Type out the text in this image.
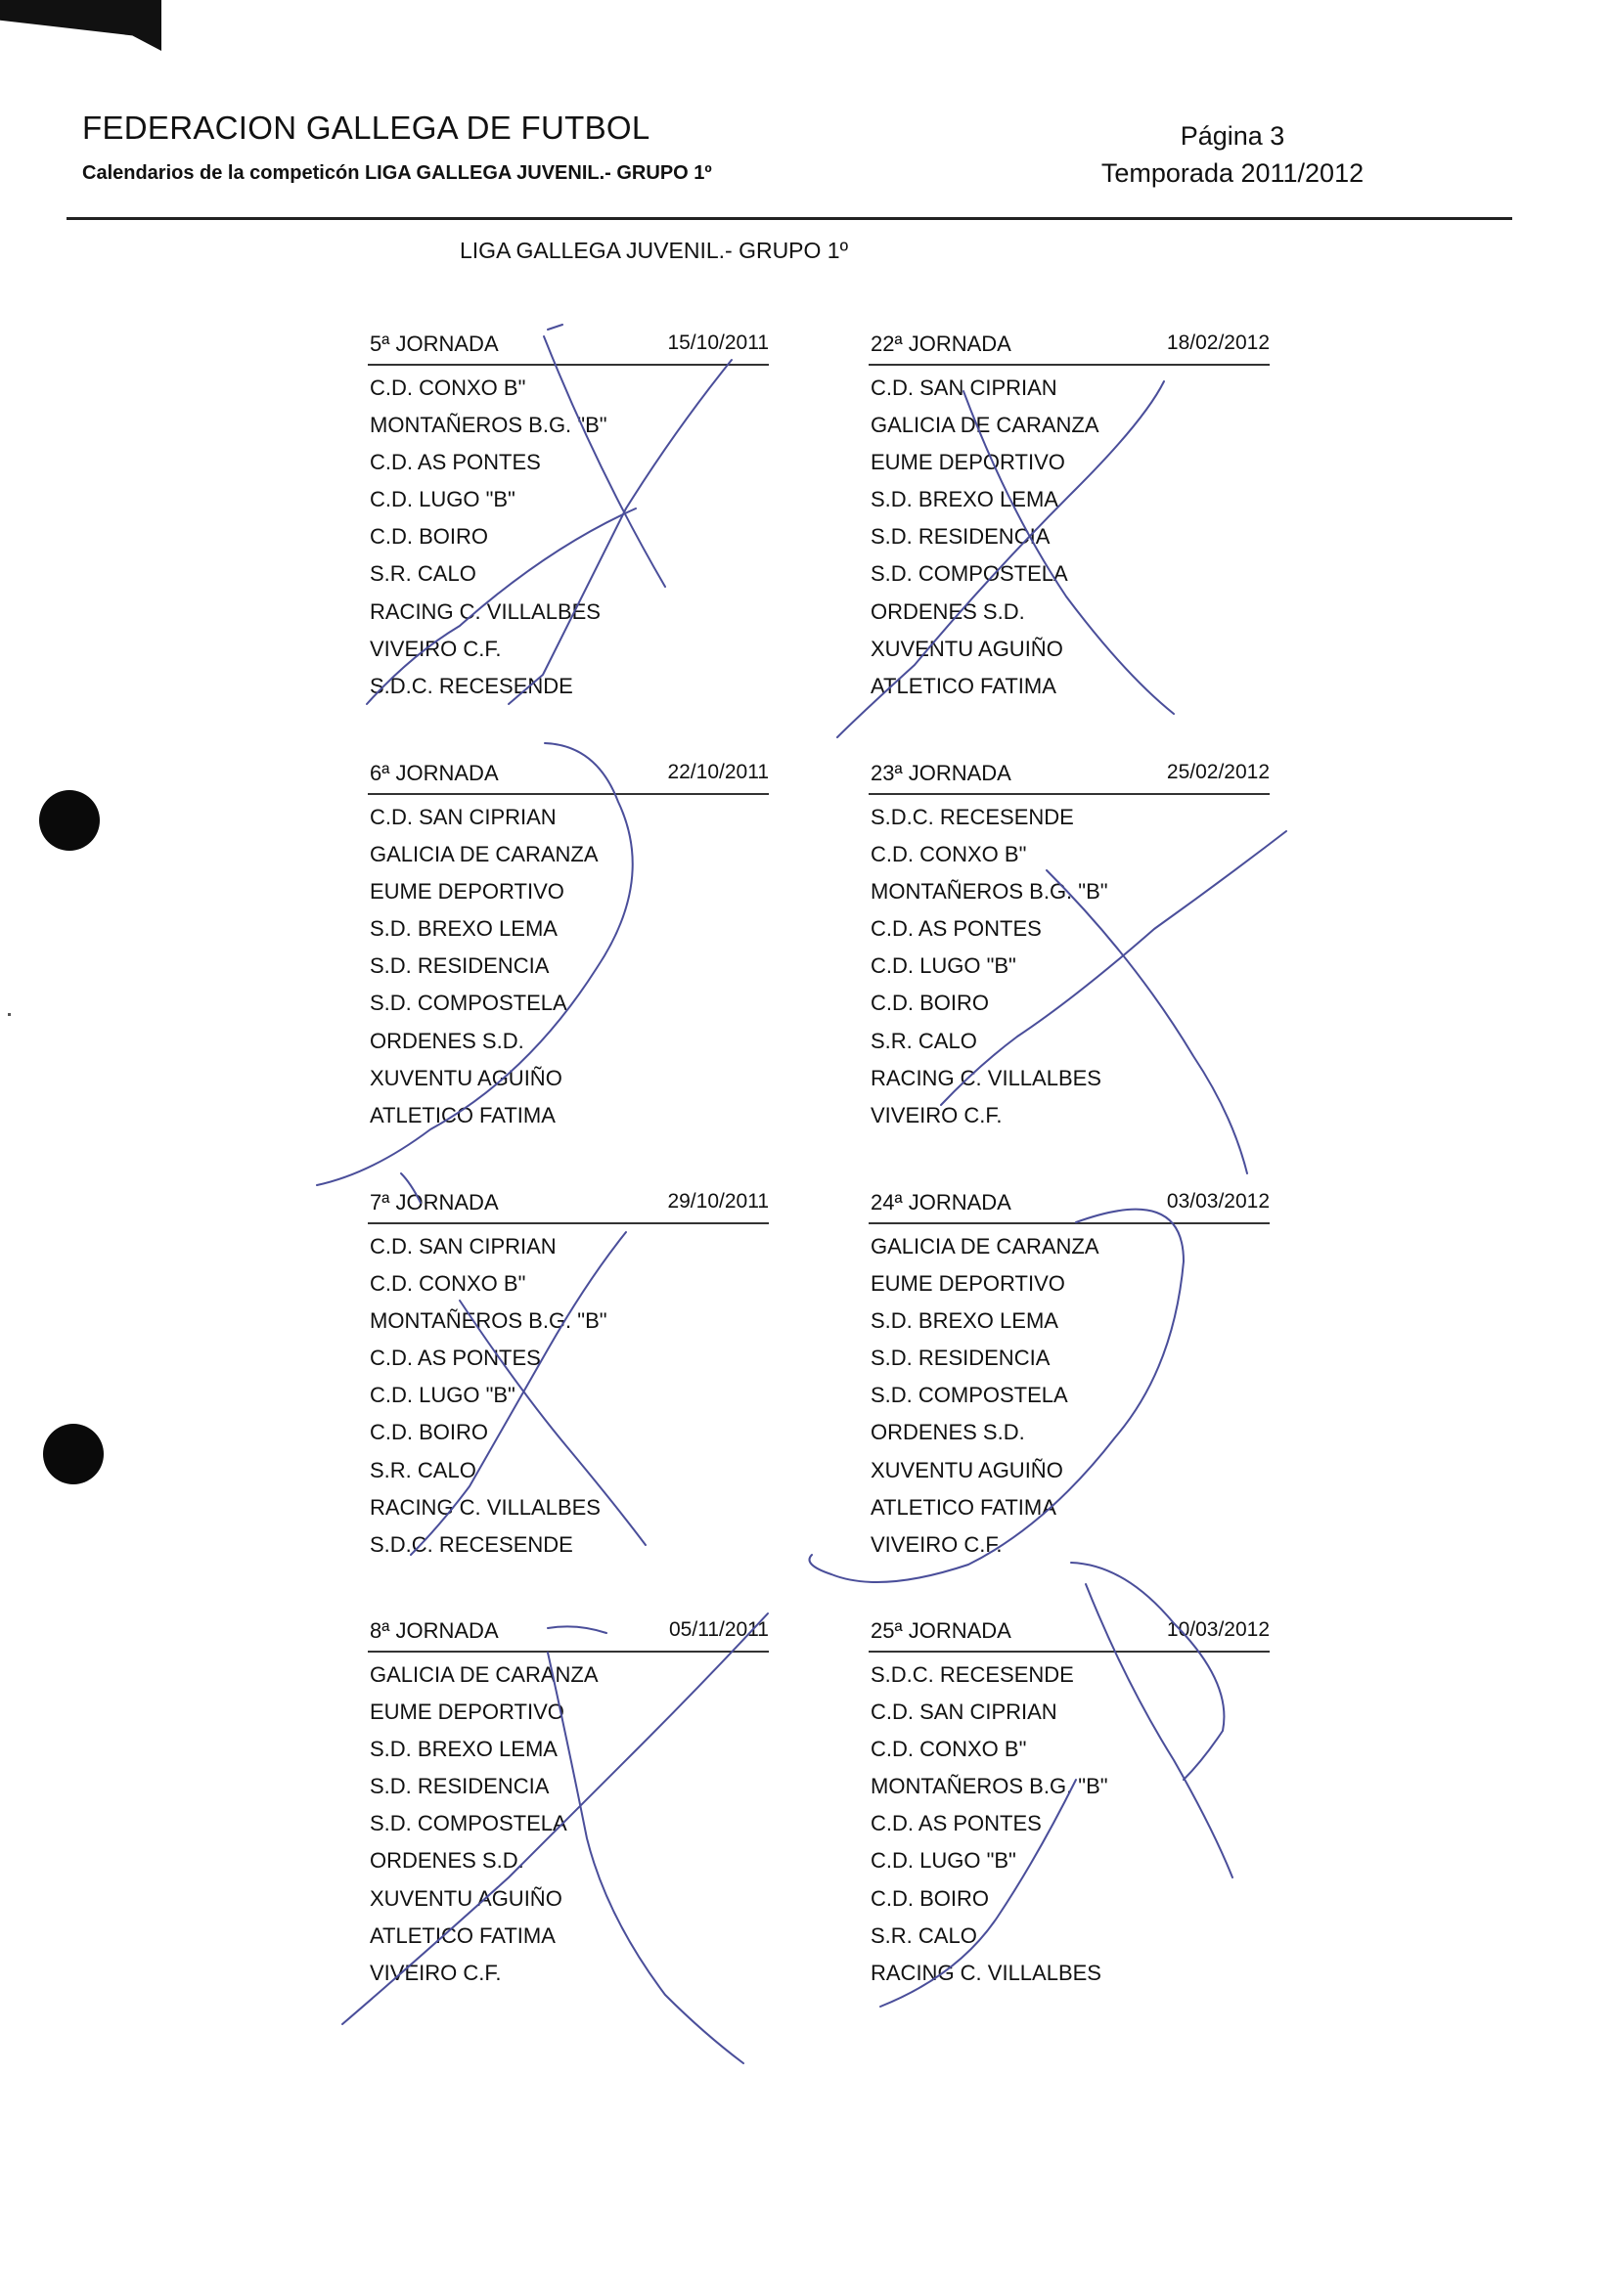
FEDERACION GALLEGA DE FUTBOL
Calendarios de la competicón LIGA GALLEGA JUVENIL.- GRUPO 1º
Página 3
Temporada 2011/2012
LIGA GALLEGA JUVENIL.- GRUPO 1º
5ª JORNADA	15/10/2011
C.D. CONXO B"
MONTAÑEROS B.G. "B"
C.D. AS PONTES
C.D. LUGO "B"
C.D. BOIRO
S.R. CALO
RACING C. VILLALBES
VIVEIRO C.F.
S.D.C. RECESENDE
22ª JORNADA	18/02/2012
C.D. SAN CIPRIAN
GALICIA DE CARANZA
EUME DEPORTIVO
S.D. BREXO LEMA
S.D. RESIDENCIA
S.D. COMPOSTELA
ORDENES S.D.
XUVENTU AGUIÑO
ATLETICO FATIMA
6ª JORNADA	22/10/2011
C.D. SAN CIPRIAN
GALICIA DE CARANZA
EUME DEPORTIVO
S.D. BREXO LEMA
S.D. RESIDENCIA
S.D. COMPOSTELA
ORDENES S.D.
XUVENTU AGUIÑO
ATLETICO FATIMA
23ª JORNADA	25/02/2012
S.D.C. RECESENDE
C.D. CONXO B"
MONTAÑEROS B.G. "B"
C.D. AS PONTES
C.D. LUGO "B"
C.D. BOIRO
S.R. CALO
RACING C. VILLALBES
VIVEIRO C.F.
7ª JORNADA	29/10/2011
C.D. SAN CIPRIAN
C.D. CONXO B"
MONTAÑEROS B.G. "B"
C.D. AS PONTES
C.D. LUGO "B"
C.D. BOIRO
S.R. CALO
RACING C. VILLALBES
S.D.C. RECESENDE
24ª JORNADA	03/03/2012
GALICIA DE CARANZA
EUME DEPORTIVO
S.D. BREXO LEMA
S.D. RESIDENCIA
S.D. COMPOSTELA
ORDENES S.D.
XUVENTU AGUIÑO
ATLETICO FATIMA
VIVEIRO C.F.
8ª JORNADA	05/11/2011
GALICIA DE CARANZA
EUME DEPORTIVO
S.D. BREXO LEMA
S.D. RESIDENCIA
S.D. COMPOSTELA
ORDENES S.D.
XUVENTU AGUIÑO
ATLETICO FATIMA
VIVEIRO C.F.
25ª JORNADA	10/03/2012
S.D.C. RECESENDE
C.D. SAN CIPRIAN
C.D. CONXO B"
MONTAÑEROS B.G. "B"
C.D. AS PONTES
C.D. LUGO "B"
C.D. BOIRO
S.R. CALO
RACING C. VILLALBES
